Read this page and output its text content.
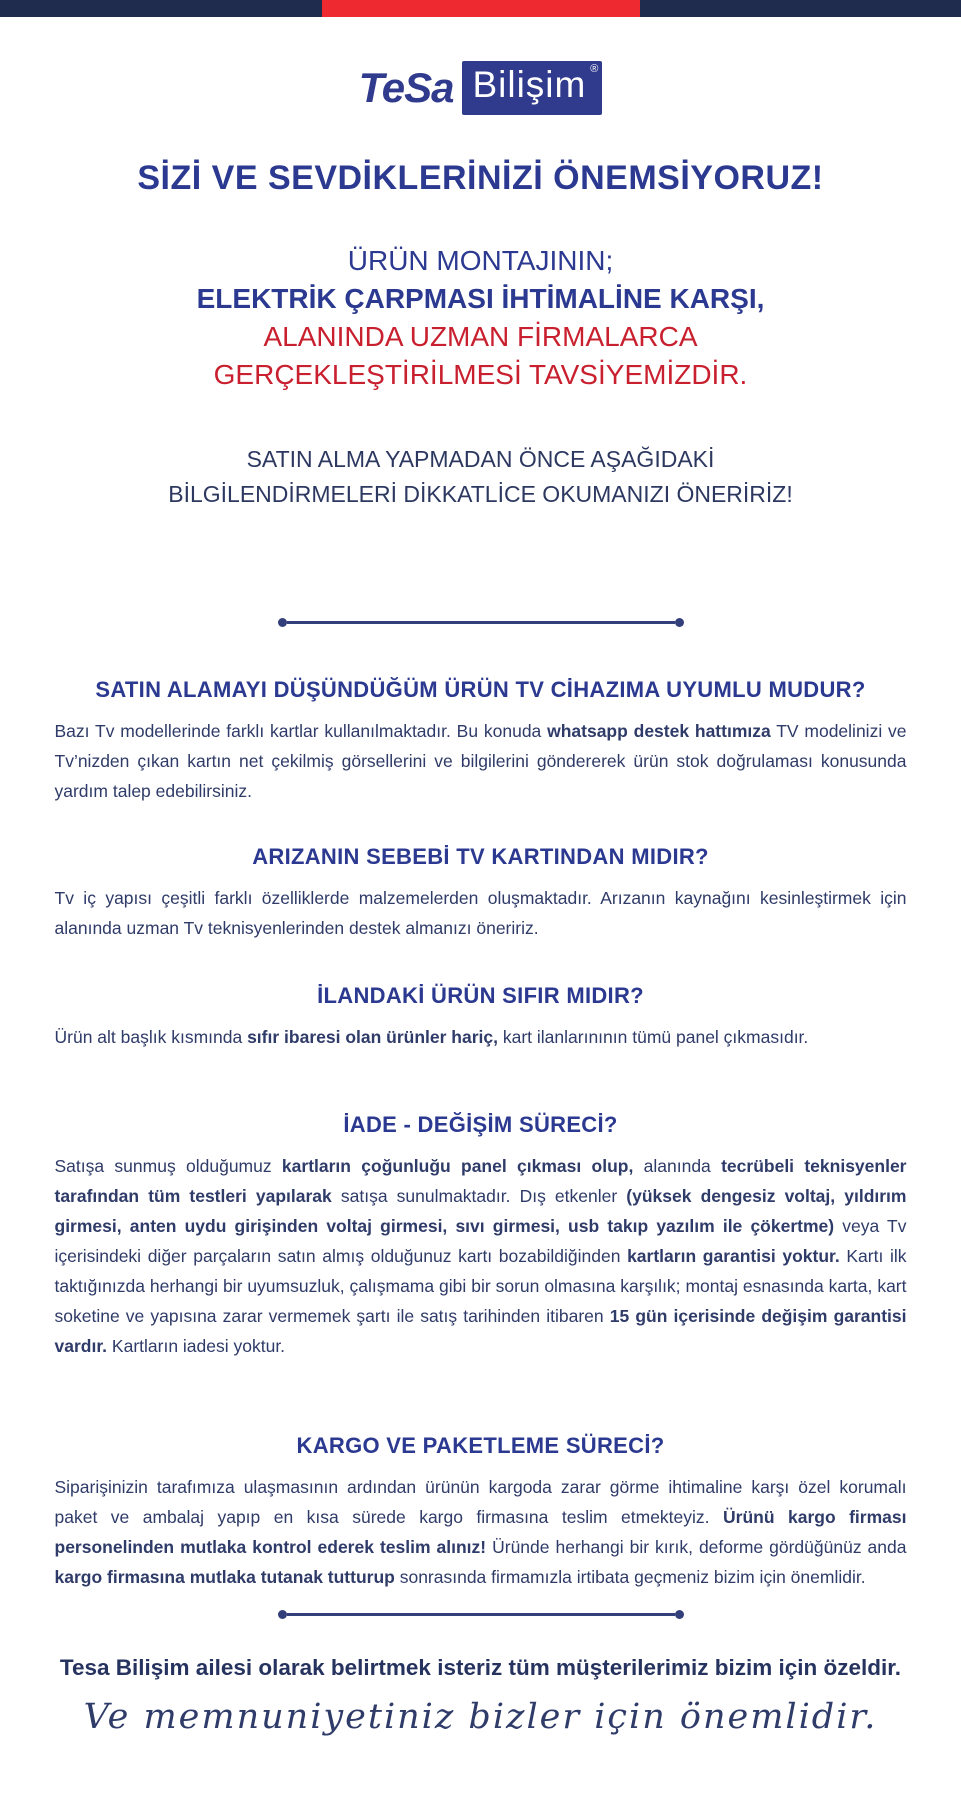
TeSa Bilişim ®
SİZİ VE SEVDİKLERİNİZİ ÖNEMSİYORUZ!
ÜRÜN MONTAJININ;
ELEKTRİK ÇARPMASI İHTİMALİNE KARŞI,
ALANINDA UZMAN FİRMALARCA
GERÇEKLEŞTİRİLMESİ TAVSİYEMİZDİR.
SATIN ALMA YAPMADAN ÖNCE AŞAĞIDAKİ
BİLGİLENDİRMELERİ DİKKATLİCE OKUMANIZI ÖNERİRİZ!
SATIN ALAMAYI DÜŞÜNDÜĞÜM ÜRÜN TV CİHAZIMA UYUMLU MUDUR?

Bazı Tv modellerinde farklı kartlar kullanılmaktadır. Bu konuda whatsapp destek hattımıza TV modelinizi ve Tv’nizden çıkan kartın net çekilmiş görsellerini ve bilgilerini göndererek ürün stok doğrulaması konusunda yardım talep edebilirsiniz.

ARIZANIN SEBEBİ TV KARTINDAN MIDIR?

Tv iç yapısı çeşitli farklı özelliklerde malzemelerden oluşmaktadır. Arızanın kaynağını kesinleştirmek için alanında uzman Tv teknisyenlerinden destek almanızı öneririz.

İLANDAKİ ÜRÜN SIFIR MIDIR?

Ürün alt başlık kısmında sıfır ibaresi olan ürünler hariç, kart ilanlarınının tümü panel çıkmasıdır.

İADE - DEĞİŞİM SÜRECİ?

Satışa sunmuş olduğumuz kartların çoğunluğu panel çıkması olup, alanında tecrübeli teknisyenler tarafından tüm testleri yapılarak satışa sunulmaktadır. Dış etkenler (yüksek dengesiz voltaj, yıldırım girmesi, anten uydu girişinden voltaj girmesi, sıvı girmesi, usb takıp yazılım ile çökertme) veya Tv içerisindeki diğer parçaların satın almış olduğunuz kartı bozabildiğinden kartların garantisi yoktur. Kartı ilk taktığınızda herhangi bir uyumsuzluk, çalışmama gibi bir sorun olmasına karşılık; montaj esnasında karta, kart soketine ve yapısına zarar vermemek şartı ile satış tarihinden itibaren 15 gün içerisinde değişim garantisi vardır. Kartların iadesi yoktur.

KARGO VE PAKETLEME SÜRECİ?

Siparişinizin tarafımıza ulaşmasının ardından ürünün kargoda zarar görme ihtimaline karşı özel korumalı paket ve ambalaj yapıp en kısa sürede kargo firmasına teslim etmekteyiz. Ürünü kargo firması personelinden mutlaka kontrol ederek teslim alınız! Üründe herhangi bir kırık, deforme gördüğünüz anda kargo firmasına mutlaka tutanak tutturup sonrasında firmamızla irtibata geçmeniz bizim için önemlidir.

Tesa Bilişim ailesi olarak belirtmek isteriz tüm müşterilerimiz bizim için özeldir.
Ve memnuniyetiniz bizler için önemlidir.
